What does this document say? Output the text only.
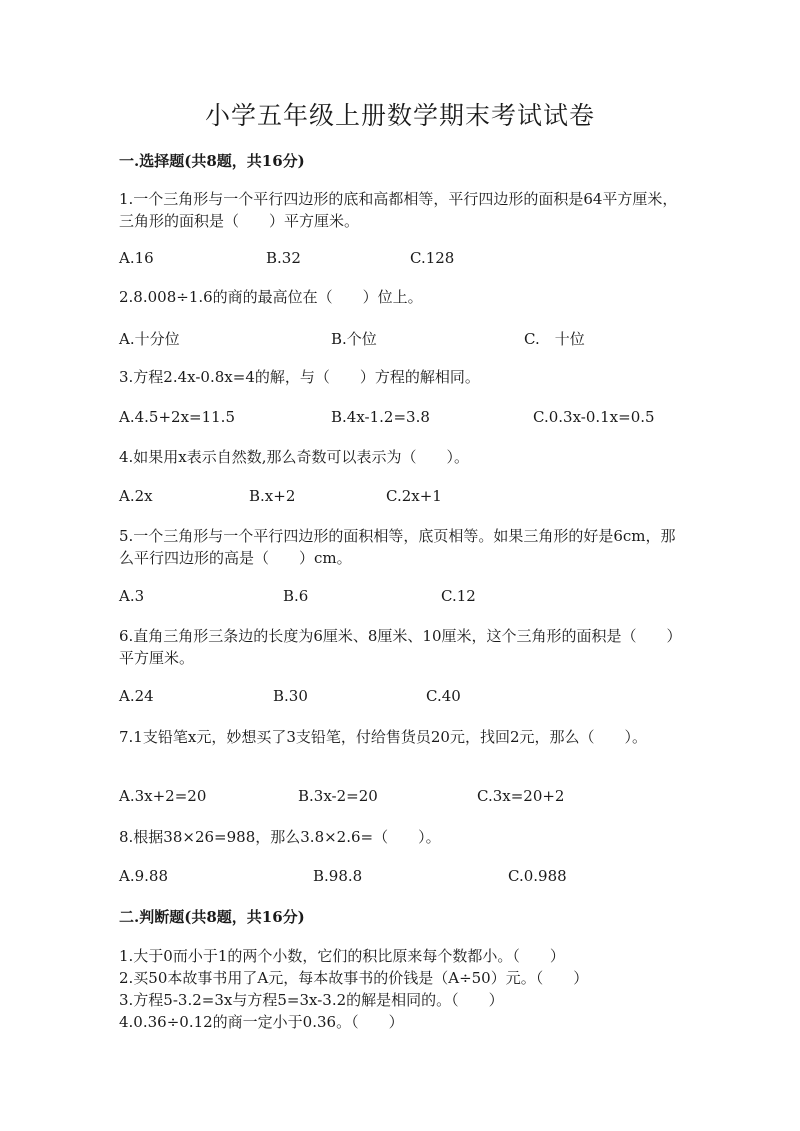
小学五年级上册数学期末考试试卷
一.选择题(共8题，共16分)
1.一个三角形与一个平行四边形的底和高都相等，平行四边形的面积是64平方厘米，三角形的面积是（　　）平方厘米。
A.16	B.32	C.128
2.8.008÷1.6的商的最高位在（　　）位上。
A.十分位	B.个位	C.　十位
3.方程2.4x-0.8x=4的解，与（　　）方程的解相同。
A.4.5+2x=11.5	B.4x-1.2=3.8	C.0.3x-0.1x=0.5
4.如果用x表示自然数,那么奇数可以表示为（　　）。
A.2x	B.x+2	C.2x+1
5.一个三角形与一个平行四边形的面积相等，底页相等。如果三角形的好是6cm，那么平行四边形的高是（　　）cm。
A.3	B.6	C.12
6.直角三角形三条边的长度为6厘米、8厘米、10厘米，这个三角形的面积是（　　）平方厘米。
A.24	B.30	C.40
7.1支铅笔x元，妙想买了3支铅笔，付给售货员20元，找回2元，那么（　　）。
A.3x+2=20	B.3x-2=20	C.3x=20+2
8.根据38×26=988，那么3.8×2.6=（　　）。
A.9.88	B.98.8	C.0.988
二.判断题(共8题，共16分)
1.大于0而小于1的两个小数，它们的积比原来每个数都小。（　　）
2.买50本故事书用了A元，每本故事书的价钱是（A÷50）元。（　　）
3.方程5-3.2=3x与方程5=3x-3.2的解是相同的。（　　）
4.0.36÷0.12的商一定小于0.36。（　　）
